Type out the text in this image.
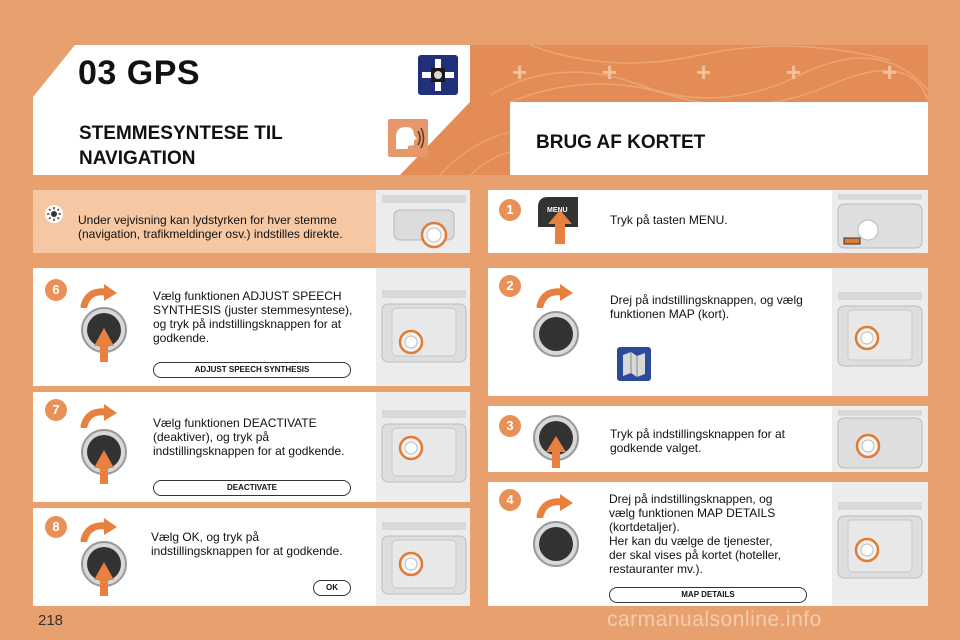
+	+	+	+	+
03 GPS
STEMMESYNTESE TIL
NAVIGATION
BRUG AF KORTET
Under vejvisning kan lydstyrken for hver stemme
(navigation, trafikmeldinger osv.) indstilles direkte.
6	Vælg funktionen ADJUST SPEECH
SYNTHESIS (juster stemmesyntese),
og tryk på indstillingsknappen for at
godkende.
ADJUST SPEECH SYNTHESIS
7
Vælg funktionen DEACTIVATE
(deaktiver), og tryk på
indstillingsknappen for at godkende.
DEACTIVATE
8
Vælg OK, og tryk på
indstillingsknappen for at godkende.
OK
1	MENU
Tryk på tasten MENU.
2
Drej på indstillingsknappen, og vælg
funktionen MAP (kort).
3
Tryk på indstillingsknappen for at
godkende valget.
4	Drej på indstillingsknappen, og
vælg funktionen MAP DETAILS
(kortdetaljer).
Her kan du vælge de tjenester,
der skal vises på kortet (hoteller,
restauranter mv.).
MAP DETAILS
218	carmanualsonline.info
